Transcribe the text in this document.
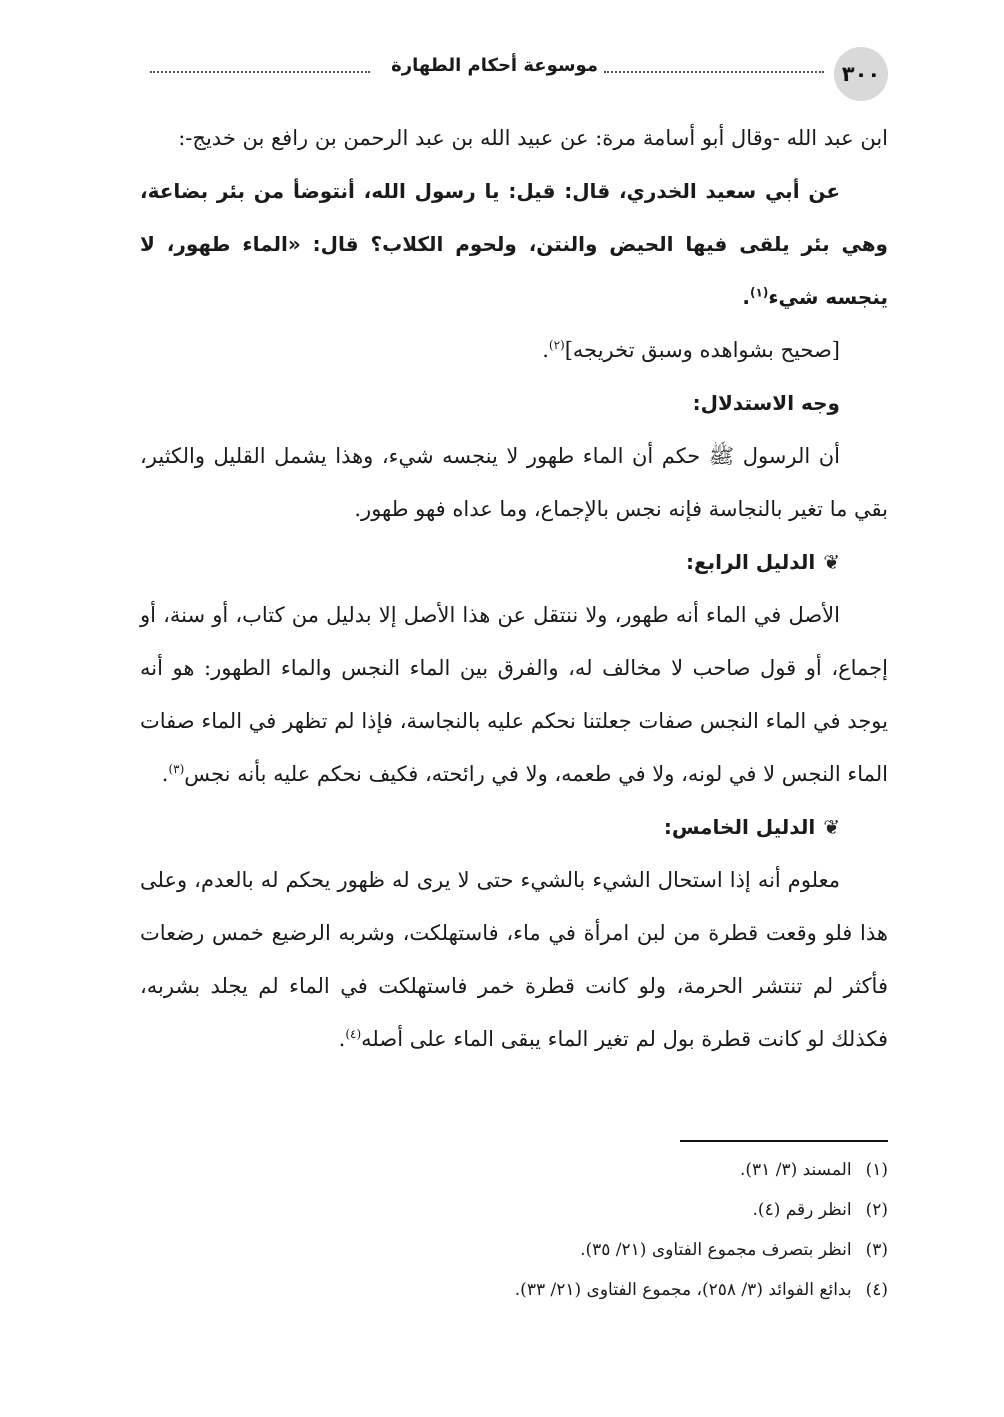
٣٠٠
موسوعة أحكام الطهارة

ابن عبد الله -وقال أبو أسامة مرة: عن عبيد الله بن عبد الرحمن بن رافع بن خديج-:

عن أبي سعيد الخدري، قال: قيل: يا رسول الله، أنتوضأ من بئر بضاعة، وهي بئر يلقى فيها الحيض والنتن، ولحوم الكلاب؟ قال: «الماء طهور، لا ينجسه شيء$^{(١)}$.

[صحيح بشواهده وسبق تخريجه]$^{(٢)}$.

وجه الاستدلال:

أن الرسول ﷺ حكم أن الماء طهور لا ينجسه شيء، وهذا يشمل القليل والكثير، بقي ما تغير بالنجاسة فإنه نجس بالإجماع، وما عداه فهو طهور.

❦الدليل الرابع:

الأصل في الماء أنه طهور، ولا ننتقل عن هذا الأصل إلا بدليل من كتاب، أو سنة، أو إجماع، أو قول صاحب لا مخالف له، والفرق بين الماء النجس والماء الطهور: هو أنه يوجد في الماء النجس صفات جعلتنا نحكم عليه بالنجاسة، فإذا لم تظهر في الماء صفات الماء النجس لا في لونه، ولا في طعمه، ولا في رائحته، فكيف نحكم عليه بأنه نجس$^{(٣)}$.

❦الدليل الخامس:

معلوم أنه إذا استحال الشيء بالشيء حتى لا يرى له ظهور يحكم له بالعدم، وعلى هذا فلو وقعت قطرة من لبن امرأة في ماء، فاستهلكت، وشربه الرضيع خمس رضعات فأكثر لم تنتشر الحرمة، ولو كانت قطرة خمر فاستهلكت في الماء لم يجلد بشربه، فكذلك لو كانت قطرة بول لم تغير الماء يبقى الماء على أصله$^{(٤)}$.

(١)المسند (٣/ ٣١).
(٢)انظر رقم (٤).
(٣)انظر بتصرف مجموع الفتاوى (٢١/ ٣٥).
(٤)بدائع الفوائد (٣/ ٢٥٨)، مجموع الفتاوى (٢١/ ٣٣).
